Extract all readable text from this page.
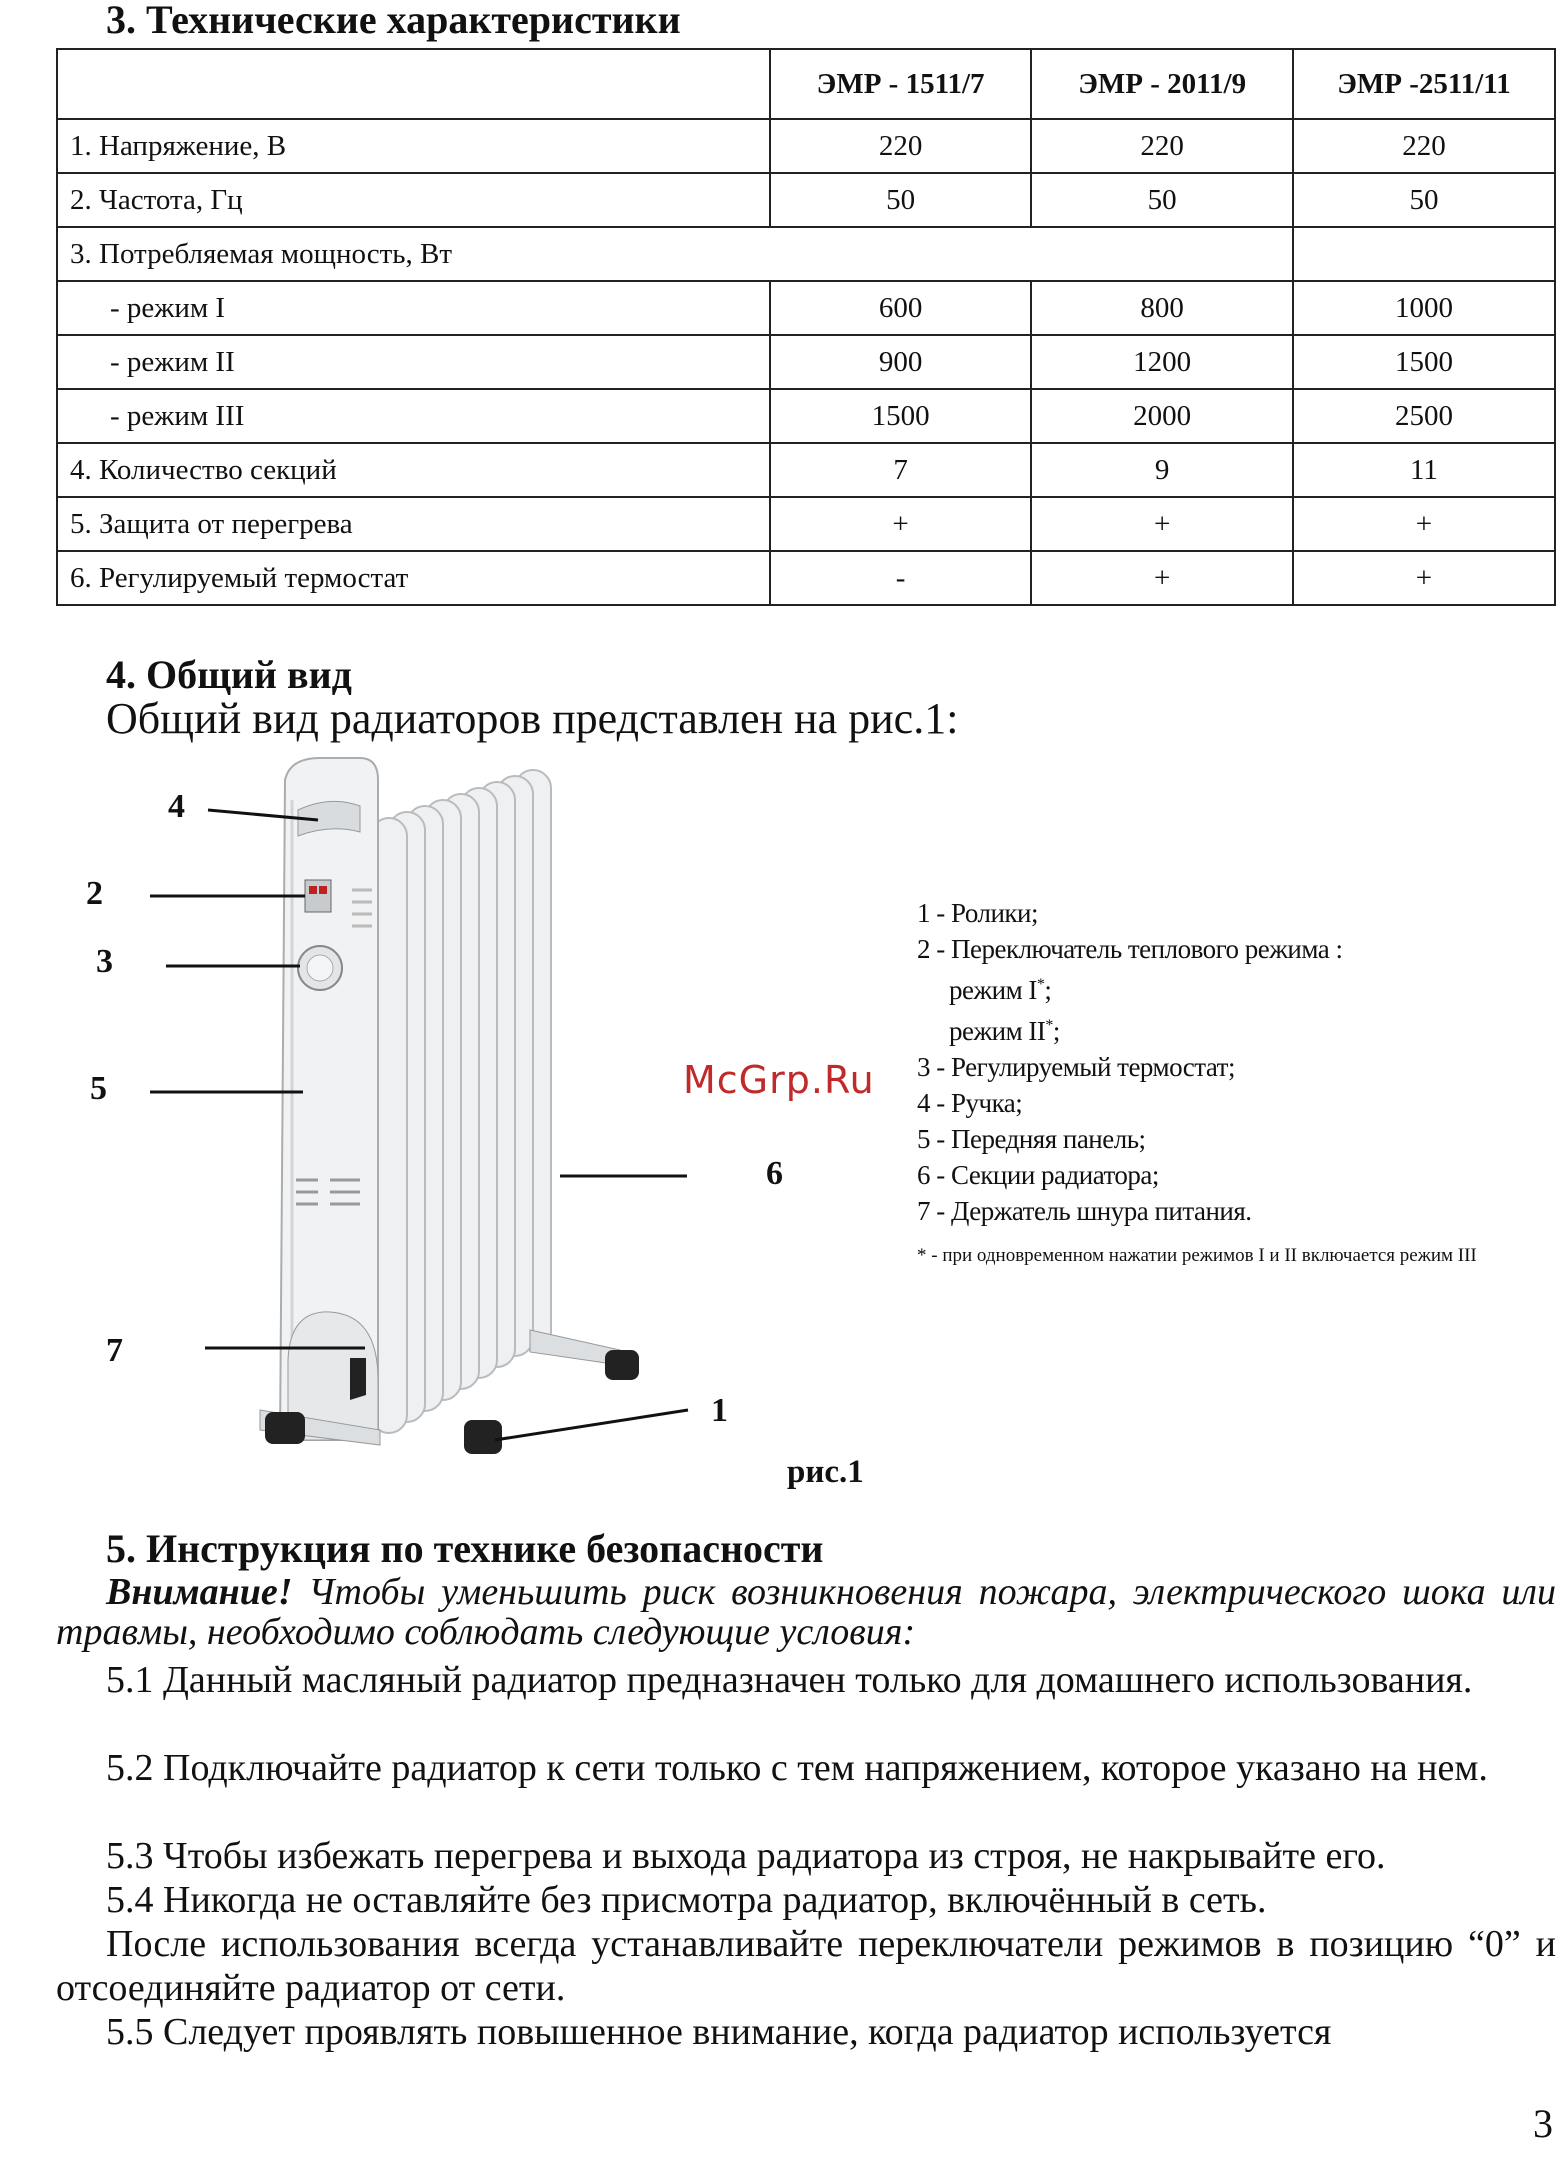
3. Технические характеристики
	ЭМР - 1511/7	ЭМР - 2011/9	ЭМР -2511/11
1. Напряжение, В	220	220	220
2. Частота, Гц	50	50	50
3. Потребляемая мощность, Вт			
- режим I	600	800	1000
- режим II	900	1200	1500
- режим III	1500	2000	2500
4. Количество секций	7	9	11
5. Защита от перегрева	+	+	+
6. Регулируемый термостат	-	+	+
4. Общий вид
Общий вид радиаторов представлен на рис.1:
4
2
3
5
6
7
1
рис.1
McGrp.Ru
1 - Ролики;
2 - Переключатель теплового режима :
режим I*;
режим II*;
3 - Регулируемый термостат;
4 - Ручка;
5 - Передняя панель;
6 - Секции радиатора;
7 - Держатель шнура питания.
* - при одновременном нажатии режимов I и II включается режим III
5. Инструкция по технике безопасности
Внимание! Чтобы уменьшить риск возникновения пожара, электрического шока или травмы, необходимо соблюдать следующие условия:
5.1 Данный масляный радиатор предназначен только для домашнего использования.
5.2 Подключайте радиатор к сети только с тем напряжением, которое указано на нем.
5.3 Чтобы избежать перегрева и выхода радиатора из строя, не накрывайте его.
5.4 Никогда не оставляйте без присмотра радиатор, включённый в сеть.
После использования всегда устанавливайте переключатели режимов в позицию “0” и отсоединяйте радиатор от сети.
5.5 Следует проявлять повышенное внимание, когда радиатор используется
3
